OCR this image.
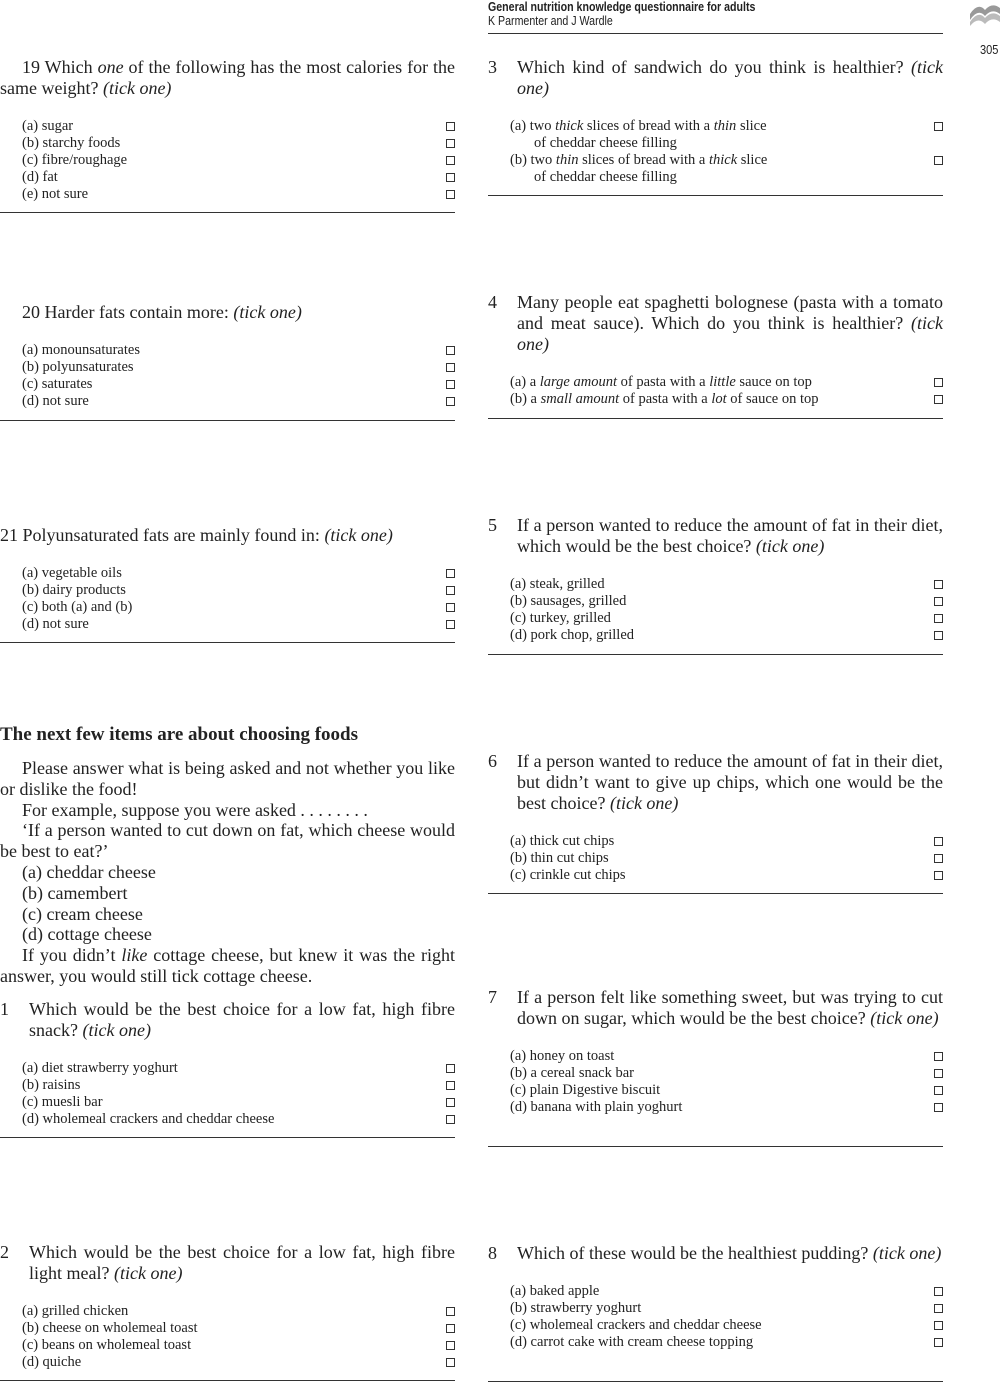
General nutrition knowledge questionnaire for adults
K Parmenter and J Wardle
305
19 Which one of the following has the most calories for the same weight? (tick one)
(a) sugar
(b) starchy foods
(c) fibre/roughage
(d) fat
(e) not sure
20 Harder fats contain more: (tick one)
(a) monounsaturates
(b) polyunsaturates
(c) saturates
(d) not sure
21 Polyunsaturated fats are mainly found in: (tick one)
(a) vegetable oils
(b) dairy products
(c) both (a) and (b)
(d) not sure
The next few items are about choosing foods

Please answer what is being asked and not whether you like or dislike the food!

For example, suppose you were asked . . . . . . . .

‘If a person wanted to cut down on fat, which cheese would be best to eat?’

(a) cheddar cheese
(b) camembert
(c) cream cheese
(d) cottage cheese

If you didn’t like cottage cheese, but knew it was the right answer, you would still tick cottage cheese.

1 Which would be the best choice for a low fat, high fibre snack? (tick one)
(a) diet strawberry yoghurt
(b) raisins
(c) muesli bar
(d) wholemeal crackers and cheddar cheese
2 Which would be the best choice for a low fat, high fibre light meal? (tick one)
(a) grilled chicken
(b) cheese on wholemeal toast
(c) beans on wholemeal toast
(d) quiche
3 Which kind of sandwich do you think is healthier? (tick one)
(a) two thick slices of bread with a thin slice
of cheddar cheese filling
(b) two thin slices of bread with a thick slice
of cheddar cheese filling
4 Many people eat spaghetti bolognese (pasta with a tomato and meat sauce). Which do you think is healthier? (tick one)
(a) a large amount of pasta with a little sauce on top
(b) a small amount of pasta with a lot of sauce on top
5 If a person wanted to reduce the amount of fat in their diet, which would be the best choice? (tick one)
(a) steak, grilled
(b) sausages, grilled
(c) turkey, grilled
(d) pork chop, grilled
6 If a person wanted to reduce the amount of fat in their diet, but didn’t want to give up chips, which one would be the best choice? (tick one)
(a) thick cut chips
(b) thin cut chips
(c) crinkle cut chips
7 If a person felt like something sweet, but was trying to cut down on sugar, which would be the best choice? (tick one)
(a) honey on toast
(b) a cereal snack bar
(c) plain Digestive biscuit
(d) banana with plain yoghurt
8 Which of these would be the healthiest pudding? (tick one)
(a) baked apple
(b) strawberry yoghurt
(c) wholemeal crackers and cheddar cheese
(d) carrot cake with cream cheese topping
